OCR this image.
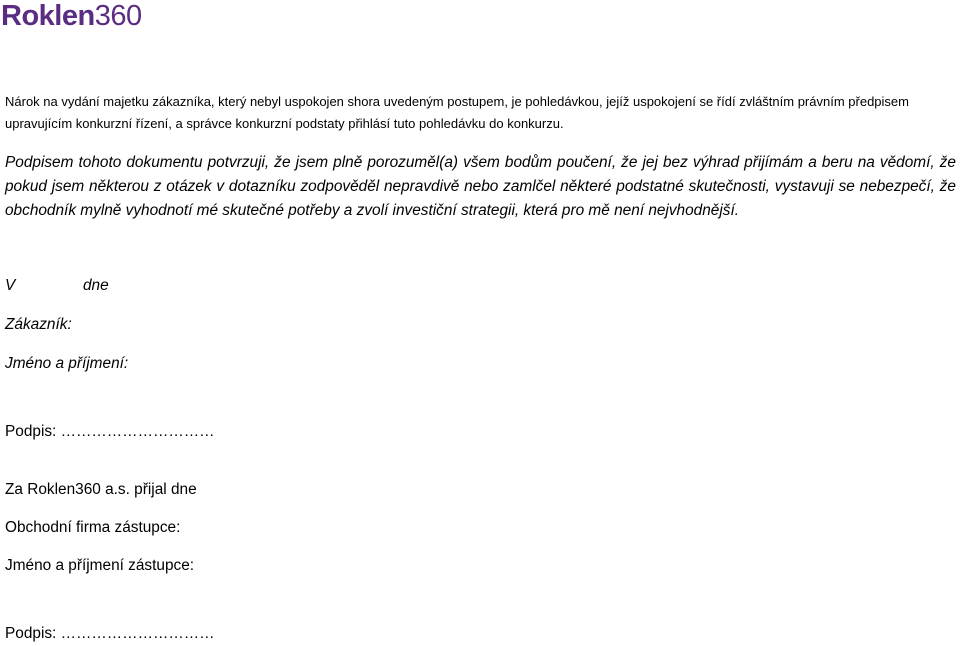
Roklen360

Nárok na vydání majetku zákazníka, který nebyl uspokojen shora uvedeným postupem, je pohledávkou, jejíž uspokojení se řídí zvláštním právním předpisem upravujícím konkurzní řízení, a správce konkurzní podstaty přihlásí tuto pohledávku do konkurzu.

Podpisem tohoto dokumentu potvrzuji, že jsem plně porozuměl(a) všem bodům poučení, že jej bez výhrad přijímám a beru na vědomí, že pokud jsem některou z otázek v dotazníku zodpověděl nepravdivě nebo zamlčel některé podstatné skutečnosti, vystavuji se nebezpečí, že obchodník mylně vyhodnotí mé skutečné potřeby a zvolí investiční strategii, která pro mě není nejvhodnější.

V	dne
Zákazník:
Jméno a příjmení:
Podpis: …………………………
Za Roklen360 a.s. přijal dne
Obchodní firma zástupce:
Jméno a příjmení zástupce:
Podpis: …………………………
